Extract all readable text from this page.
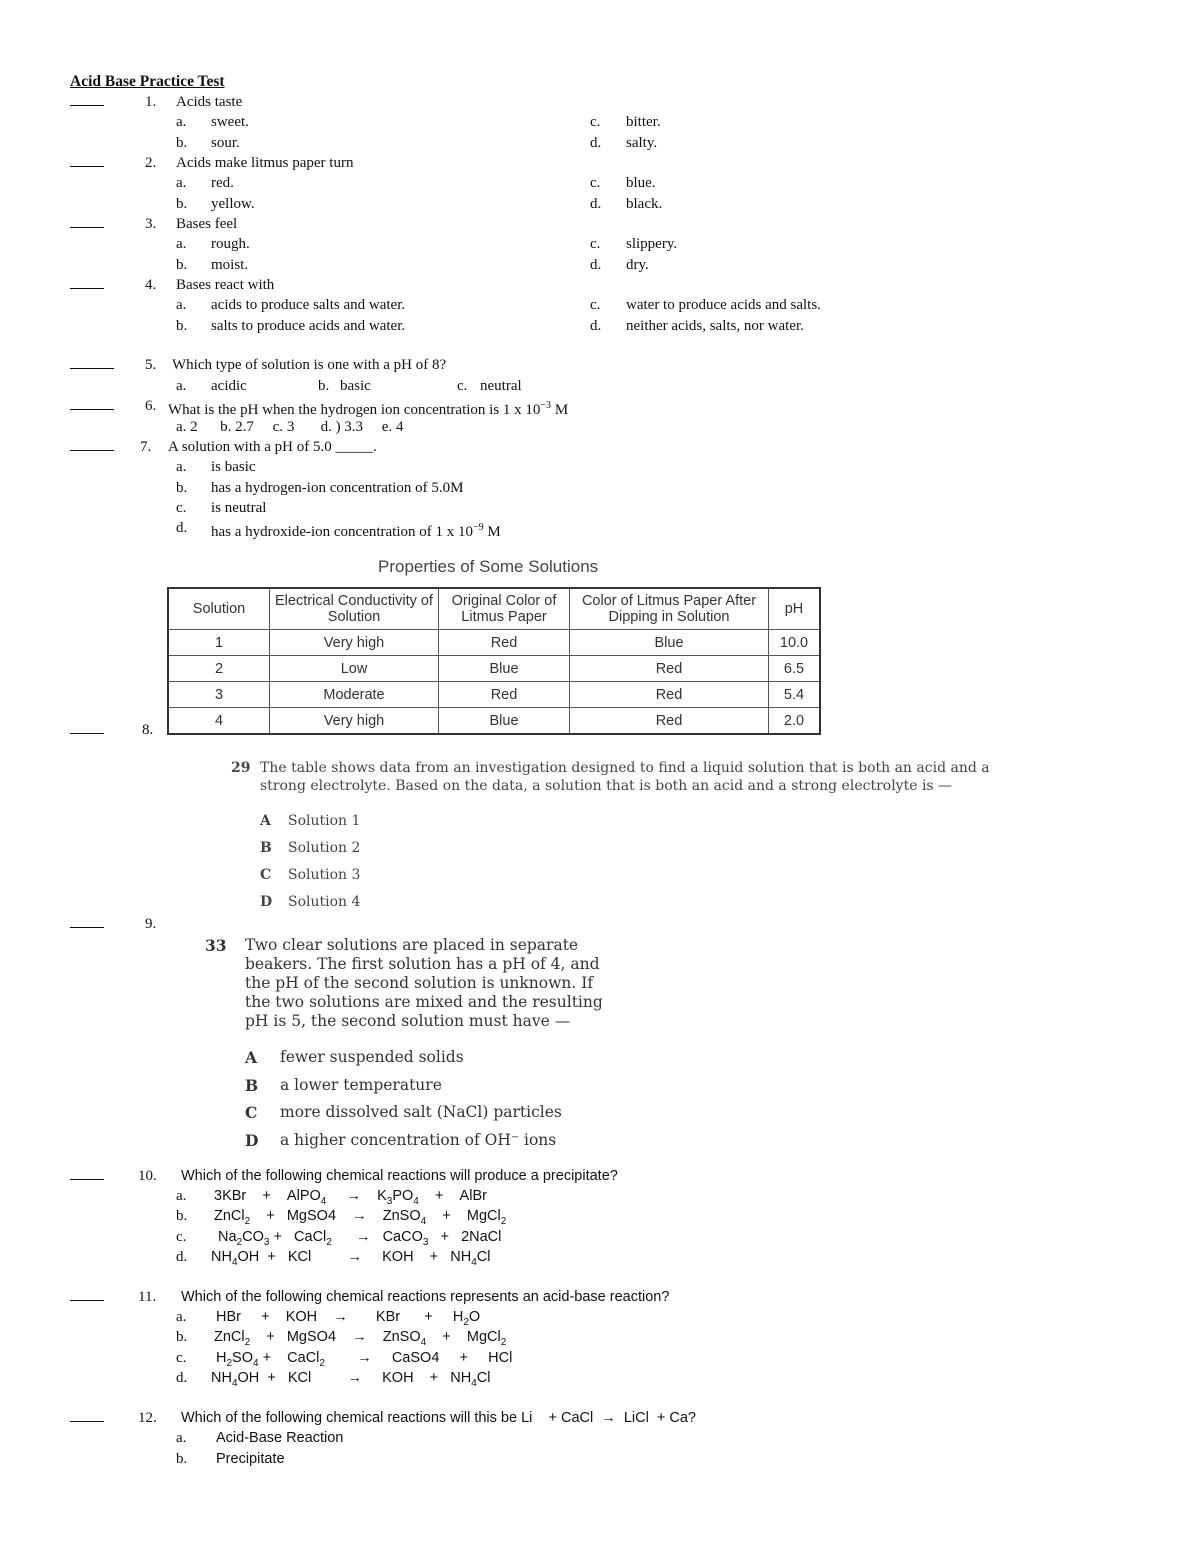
Acid Base Practice Test
1. Acids taste
a. sweet.	c. bitter.
b. sour.	d. salty.
2. Acids make litmus paper turn
a. red.	c. blue.
b. yellow.	d. black.
3. Bases feel
a. rough.	c. slippery.
b. moist.	d. dry.
4. Bases react with
a. acids to produce salts and water.	c. water to produce acids and salts.
b. salts to produce acids and water.	d. neither acids, salts, nor water.
5. Which type of solution is one with a pH of 8?
a. acidic	b. basic	c. neutral
6. What is the pH when the hydrogen ion concentration is 1 x $10^{-3}$ M
a. 2      b. 2.7     c. 3       d. ) 3.3     e. 4
7. A solution with a pH of 5.0 _____.
a. is basic
b. has a hydrogen-ion concentration of 5.0M
c. is neutral
d. has a hydroxide-ion concentration of 1 x $10^{-9}$ M
Properties of Some Solutions
Solution	Electrical Conductivity of Solution	Original Color of Litmus Paper	Color of Litmus Paper After Dipping in Solution	pH
1	Very high	Red	Blue	10.0
2	Low	Blue	Red	6.5
3	Moderate	Red	Red	5.4
4	Very high	Blue	Red	2.0
8.
29 The table shows data from an investigation designed to find a liquid solution that is both an acid and a
strong electrolyte. Based on the data, a solution that is both an acid and a strong electrolyte is —
A Solution 1
B Solution 2
C Solution 3
D Solution 4
9.
33 Two clear solutions are placed in separate
beakers. The first solution has a pH of 4, and
the pH of the second solution is unknown. If
the two solutions are mixed and the resulting
pH is 5, the second solution must have —
A fewer suspended solids
B a lower temperature
C more dissolved salt (NaCl) particles
D a higher concentration of OH⁻ ions
10. Which of the following chemical reactions will produce a precipitate?
a. 3KBr    +    AlPO$_4$     →    $K_3PO_4$    +    AlBr
b. ZnCl$_2$    +   MgSO4    →    ZnSO$_4$    +    MgCl$_2$
c. $Na_2CO_3$ +   CaCl$_2$      →   CaCO$_3$   +   2NaCl
d. $NH_4OH$  +   KCl         →     KOH    +   $NH_4Cl$
11. Which of the following chemical reactions represents an acid-base reaction?
a. HBr     +    KOH    →       KBr      +     $H_2O$
b. ZnCl$_2$    +   MgSO4    →    ZnSO$_4$    +    MgCl$_2$
c. $H_2SO_4$ +    CaCl$_2$        →     CaSO4     +     HCl
d. $NH_4OH$  +   KCl         →     KOH    +   $NH_4Cl$
12. Which of the following chemical reactions will this be Li    + CaCl  →  LiCl  + Ca?
a. Acid-Base Reaction
b. Precipitate
